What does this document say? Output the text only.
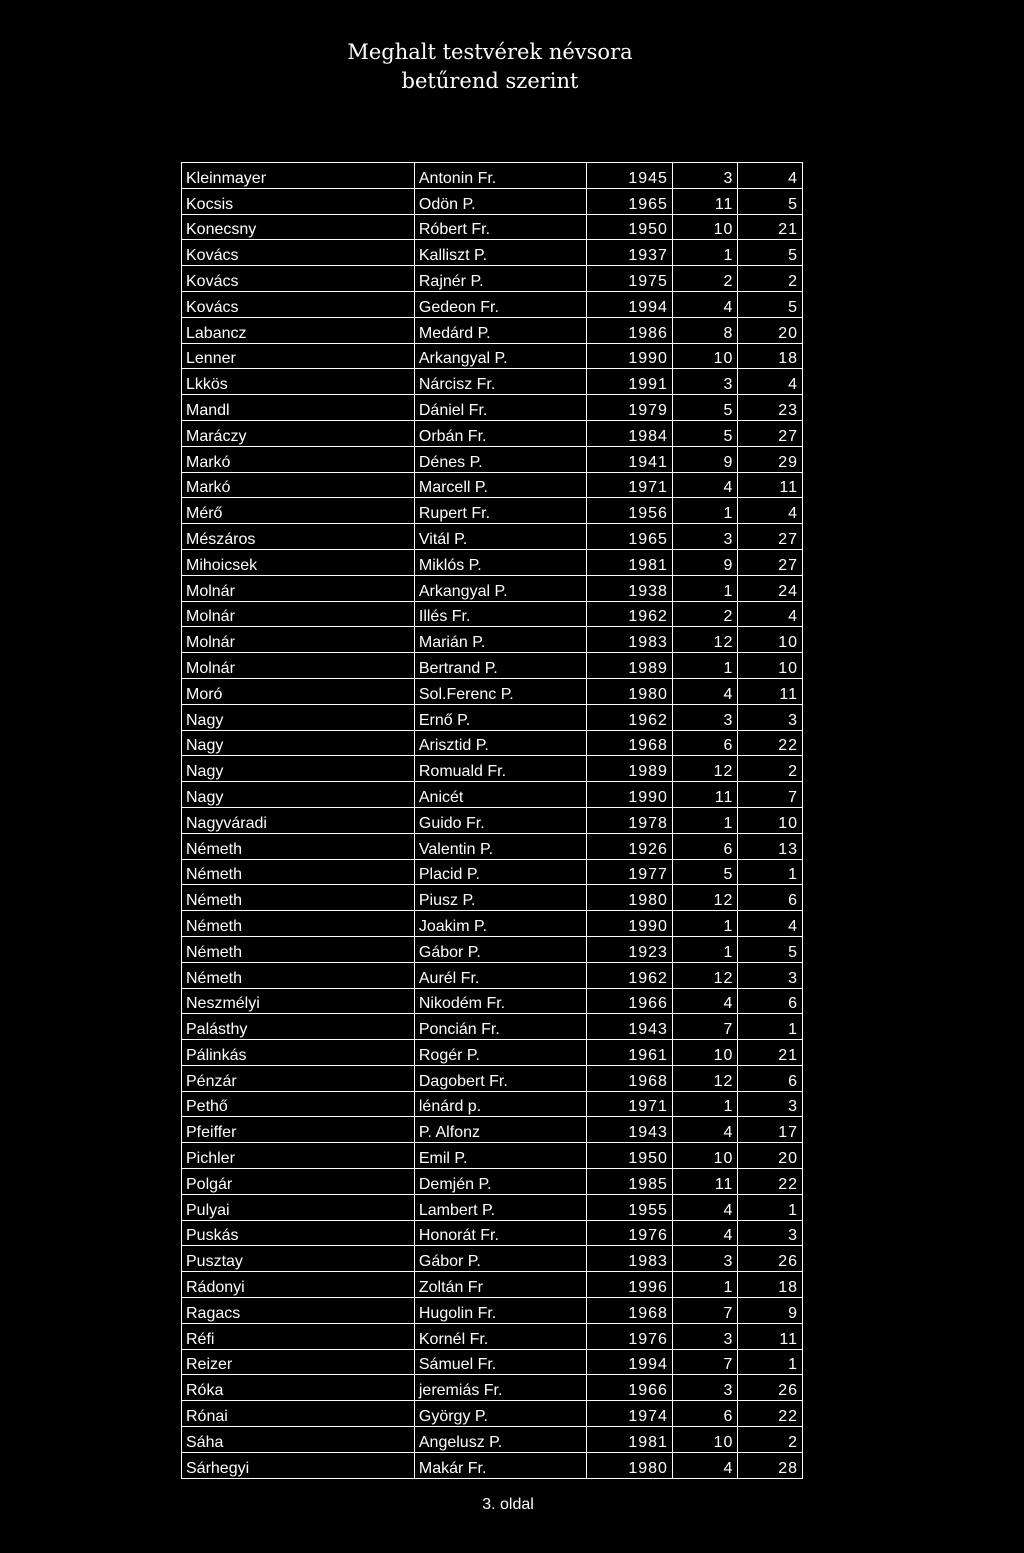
Meghalt testvérek névsora
betűrend szerint
Kleinmayer	Antonin Fr.	1945	3	4
Kocsis	Odön P.	1965	11	5
Konecsny	Róbert Fr.	1950	10	21
Kovács	Kalliszt P.	1937	1	5
Kovács	Rajnér P.	1975	2	2
Kovács	Gedeon Fr.	1994	4	5
Labancz	Medárd P.	1986	8	20
Lenner	Arkangyal P.	1990	10	18
Lkkös	Nárcisz Fr.	1991	3	4
Mandl	Dániel Fr.	1979	5	23
Maráczy	Orbán Fr.	1984	5	27
Markó	Dénes P.	1941	9	29
Markó	Marcell P.	1971	4	11
Mérő	Rupert Fr.	1956	1	4
Mészáros	Vitál P.	1965	3	27
Mihoicsek	Miklós P.	1981	9	27
Molnár	Arkangyal P.	1938	1	24
Molnár	Illés Fr.	1962	2	4
Molnár	Marián P.	1983	12	10
Molnár	Bertrand P.	1989	1	10
Moró	Sol.Ferenc P.	1980	4	11
Nagy	Ernő P.	1962	3	3
Nagy	Arisztid P.	1968	6	22
Nagy	Romuald Fr.	1989	12	2
Nagy	Anicét	1990	11	7
Nagyváradi	Guido Fr.	1978	1	10
Németh	Valentin P.	1926	6	13
Németh	Placid P.	1977	5	1
Németh	Piusz P.	1980	12	6
Németh	Joakim P.	1990	1	4
Németh	Gábor P.	1923	1	5
Németh	Aurél Fr.	1962	12	3
Neszmélyi	Nikodém Fr.	1966	4	6
Palásthy	Poncián Fr.	1943	7	1
Pálinkás	Rogér P.	1961	10	21
Pénzár	Dagobert Fr.	1968	12	6
Pethő	lénárd p.	1971	1	3
Pfeiffer	P. Alfonz	1943	4	17
Pichler	Emil P.	1950	10	20
Polgár	Demjén P.	1985	11	22
Pulyai	Lambert P.	1955	4	1
Puskás	Honorát Fr.	1976	4	3
Pusztay	Gábor P.	1983	3	26
Rádonyi	Zoltán Fr	1996	1	18
Ragacs	Hugolin Fr.	1968	7	9
Réfi	Kornél Fr.	1976	3	11
Reizer	Sámuel Fr.	1994	7	1
Róka	jeremiás Fr.	1966	3	26
Rónai	György P.	1974	6	22
Sáha	Angelusz P.	1981	10	2
Sárhegyi	Makár Fr.	1980	4	28
3. oldal
